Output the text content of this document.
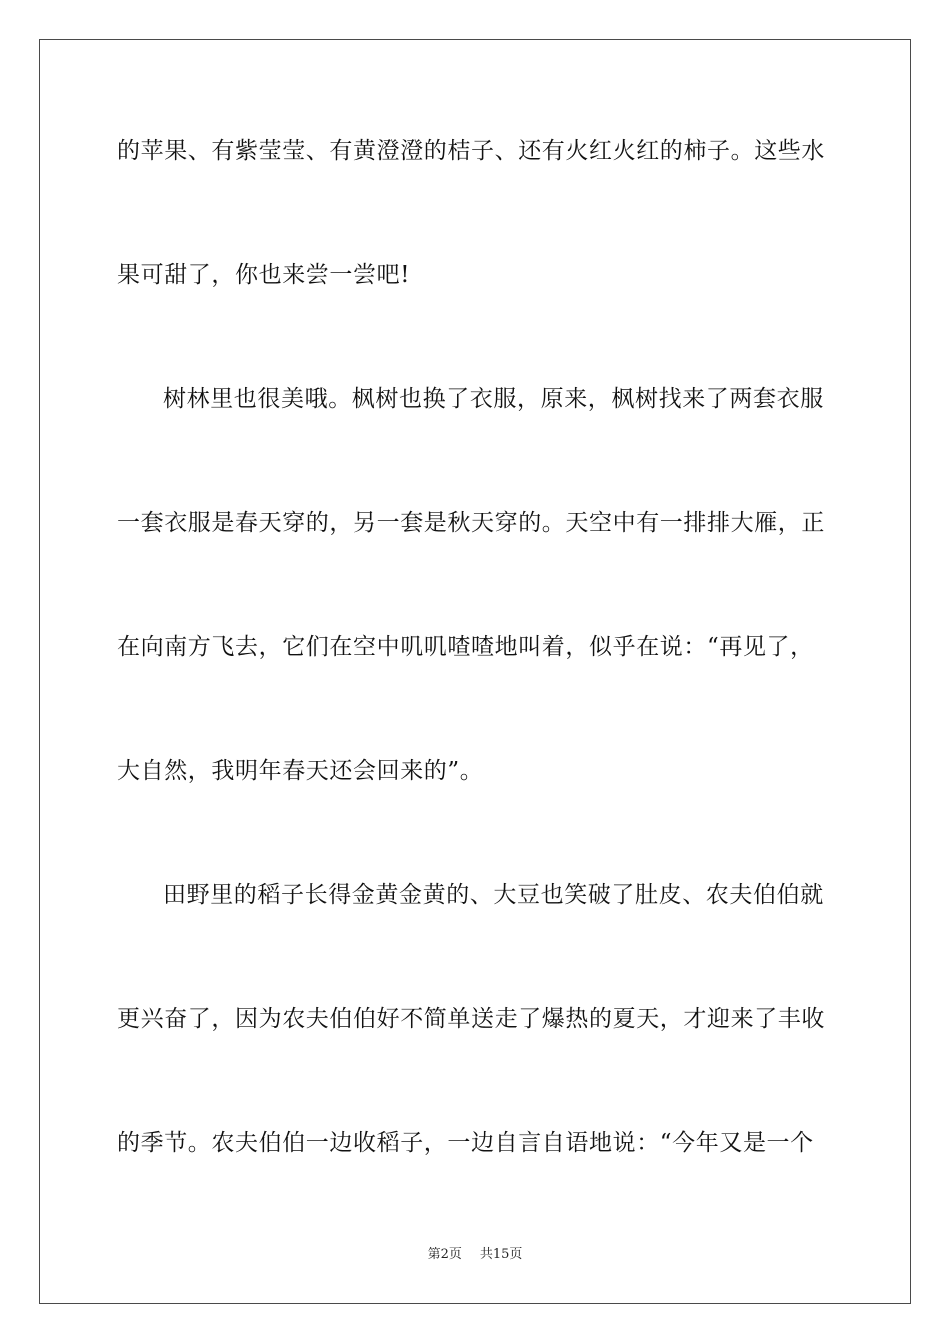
的苹果、有紫莹莹、有黄澄澄的桔子、还有火红火红的柿子。这些水
果可甜了，你也来尝一尝吧!
树林里也很美哦。枫树也换了衣服，原来，枫树找来了两套衣服
一套衣服是春天穿的，另一套是秋天穿的。天空中有一排排大雁，正
在向南方飞去，它们在空中叽叽喳喳地叫着，似乎在说：“再见了，
大自然，我明年春天还会回来的”。
田野里的稻子长得金黄金黄的、大豆也笑破了肚皮、农夫伯伯就
更兴奋了，因为农夫伯伯好不简单送走了爆热的夏天，才迎来了丰收
的季节。农夫伯伯一边收稻子，一边自言自语地说：“今年又是一个
第2页 共15页
